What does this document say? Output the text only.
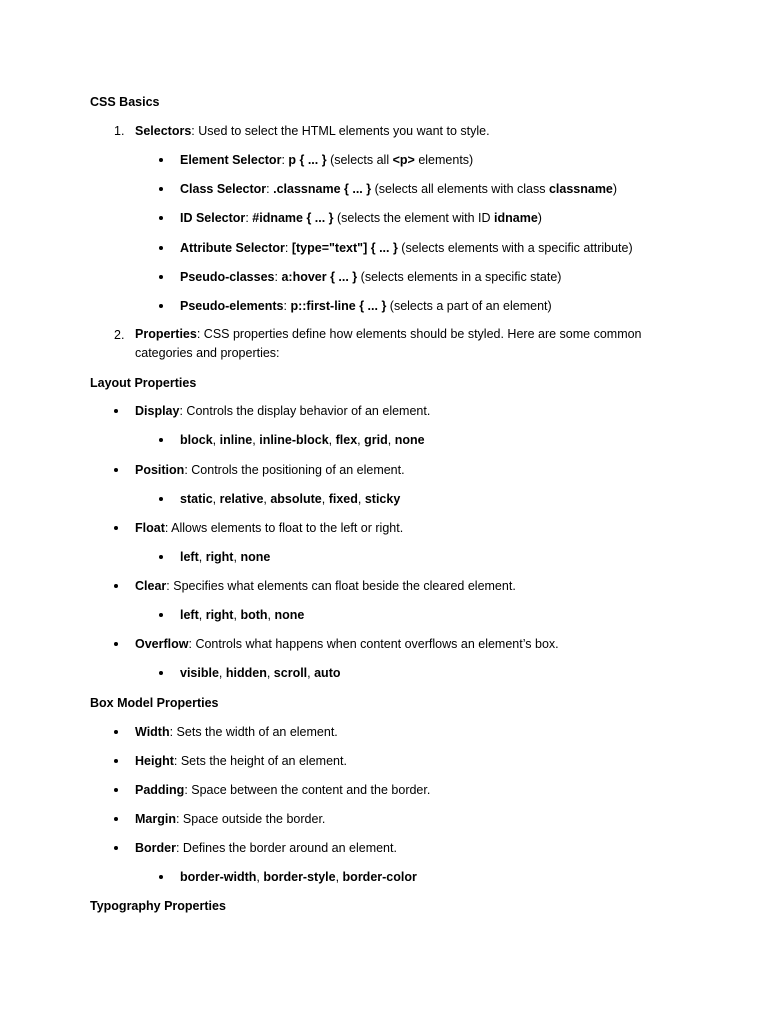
CSS Basics
1. Selectors: Used to select the HTML elements you want to style.
Element Selector: p { ... } (selects all <p> elements)
Class Selector: .classname { ... } (selects all elements with class classname)
ID Selector: #idname { ... } (selects the element with ID idname)
Attribute Selector: [type="text"] { ... } (selects elements with a specific attribute)
Pseudo-classes: a:hover { ... } (selects elements in a specific state)
Pseudo-elements: p::first-line { ... } (selects a part of an element)
2. Properties: CSS properties define how elements should be styled. Here are some common categories and properties:
Layout Properties
Display: Controls the display behavior of an element.
block, inline, inline-block, flex, grid, none
Position: Controls the positioning of an element.
static, relative, absolute, fixed, sticky
Float: Allows elements to float to the left or right.
left, right, none
Clear: Specifies what elements can float beside the cleared element.
left, right, both, none
Overflow: Controls what happens when content overflows an element’s box.
visible, hidden, scroll, auto
Box Model Properties
Width: Sets the width of an element.
Height: Sets the height of an element.
Padding: Space between the content and the border.
Margin: Space outside the border.
Border: Defines the border around an element.
border-width, border-style, border-color
Typography Properties
